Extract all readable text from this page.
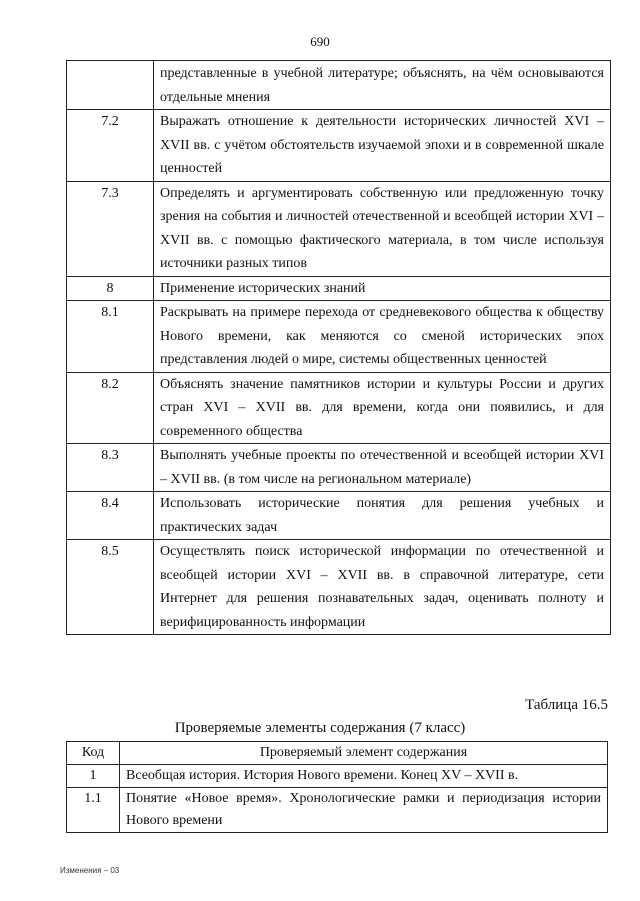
690
	представленные в учебной литературе; объяснять, на чём основываются отдельные мнения
7.2	Выражать отношение к деятельности исторических личностей XVI – XVII вв. с учётом обстоятельств изучаемой эпохи и в современной шкале ценностей
7.3	Определять и аргументировать собственную или предложенную точку зрения на события и личностей отечественной и всеобщей истории XVI – XVII вв. с помощью фактического материала, в том числе используя источники разных типов
8	Применение исторических знаний
8.1	Раскрывать на примере перехода от средневекового общества к обществу Нового времени, как меняются со сменой исторических эпох представления людей о мире, системы общественных ценностей
8.2	Объяснять значение памятников истории и культуры России и других стран XVI – XVII вв. для времени, когда они появились, и для современного общества
8.3	Выполнять учебные проекты по отечественной и всеобщей истории XVI – XVII вв. (в том числе на региональном материале)
8.4	Использовать исторические понятия для решения учебных и практических задач
8.5	Осуществлять поиск исторической информации по отечественной и всеобщей истории XVI – XVII вв. в справочной литературе, сети Интернет для решения познавательных задач, оценивать полноту и верифицированность информации
Таблица 16.5
Проверяемые элементы содержания (7 класс)
Код	Проверяемый элемент содержания
1	Всеобщая история. История Нового времени. Конец XV – XVII в.
1.1	Понятие «Новое время». Хронологические рамки и периодизация истории Нового времени
Изменения – 03
